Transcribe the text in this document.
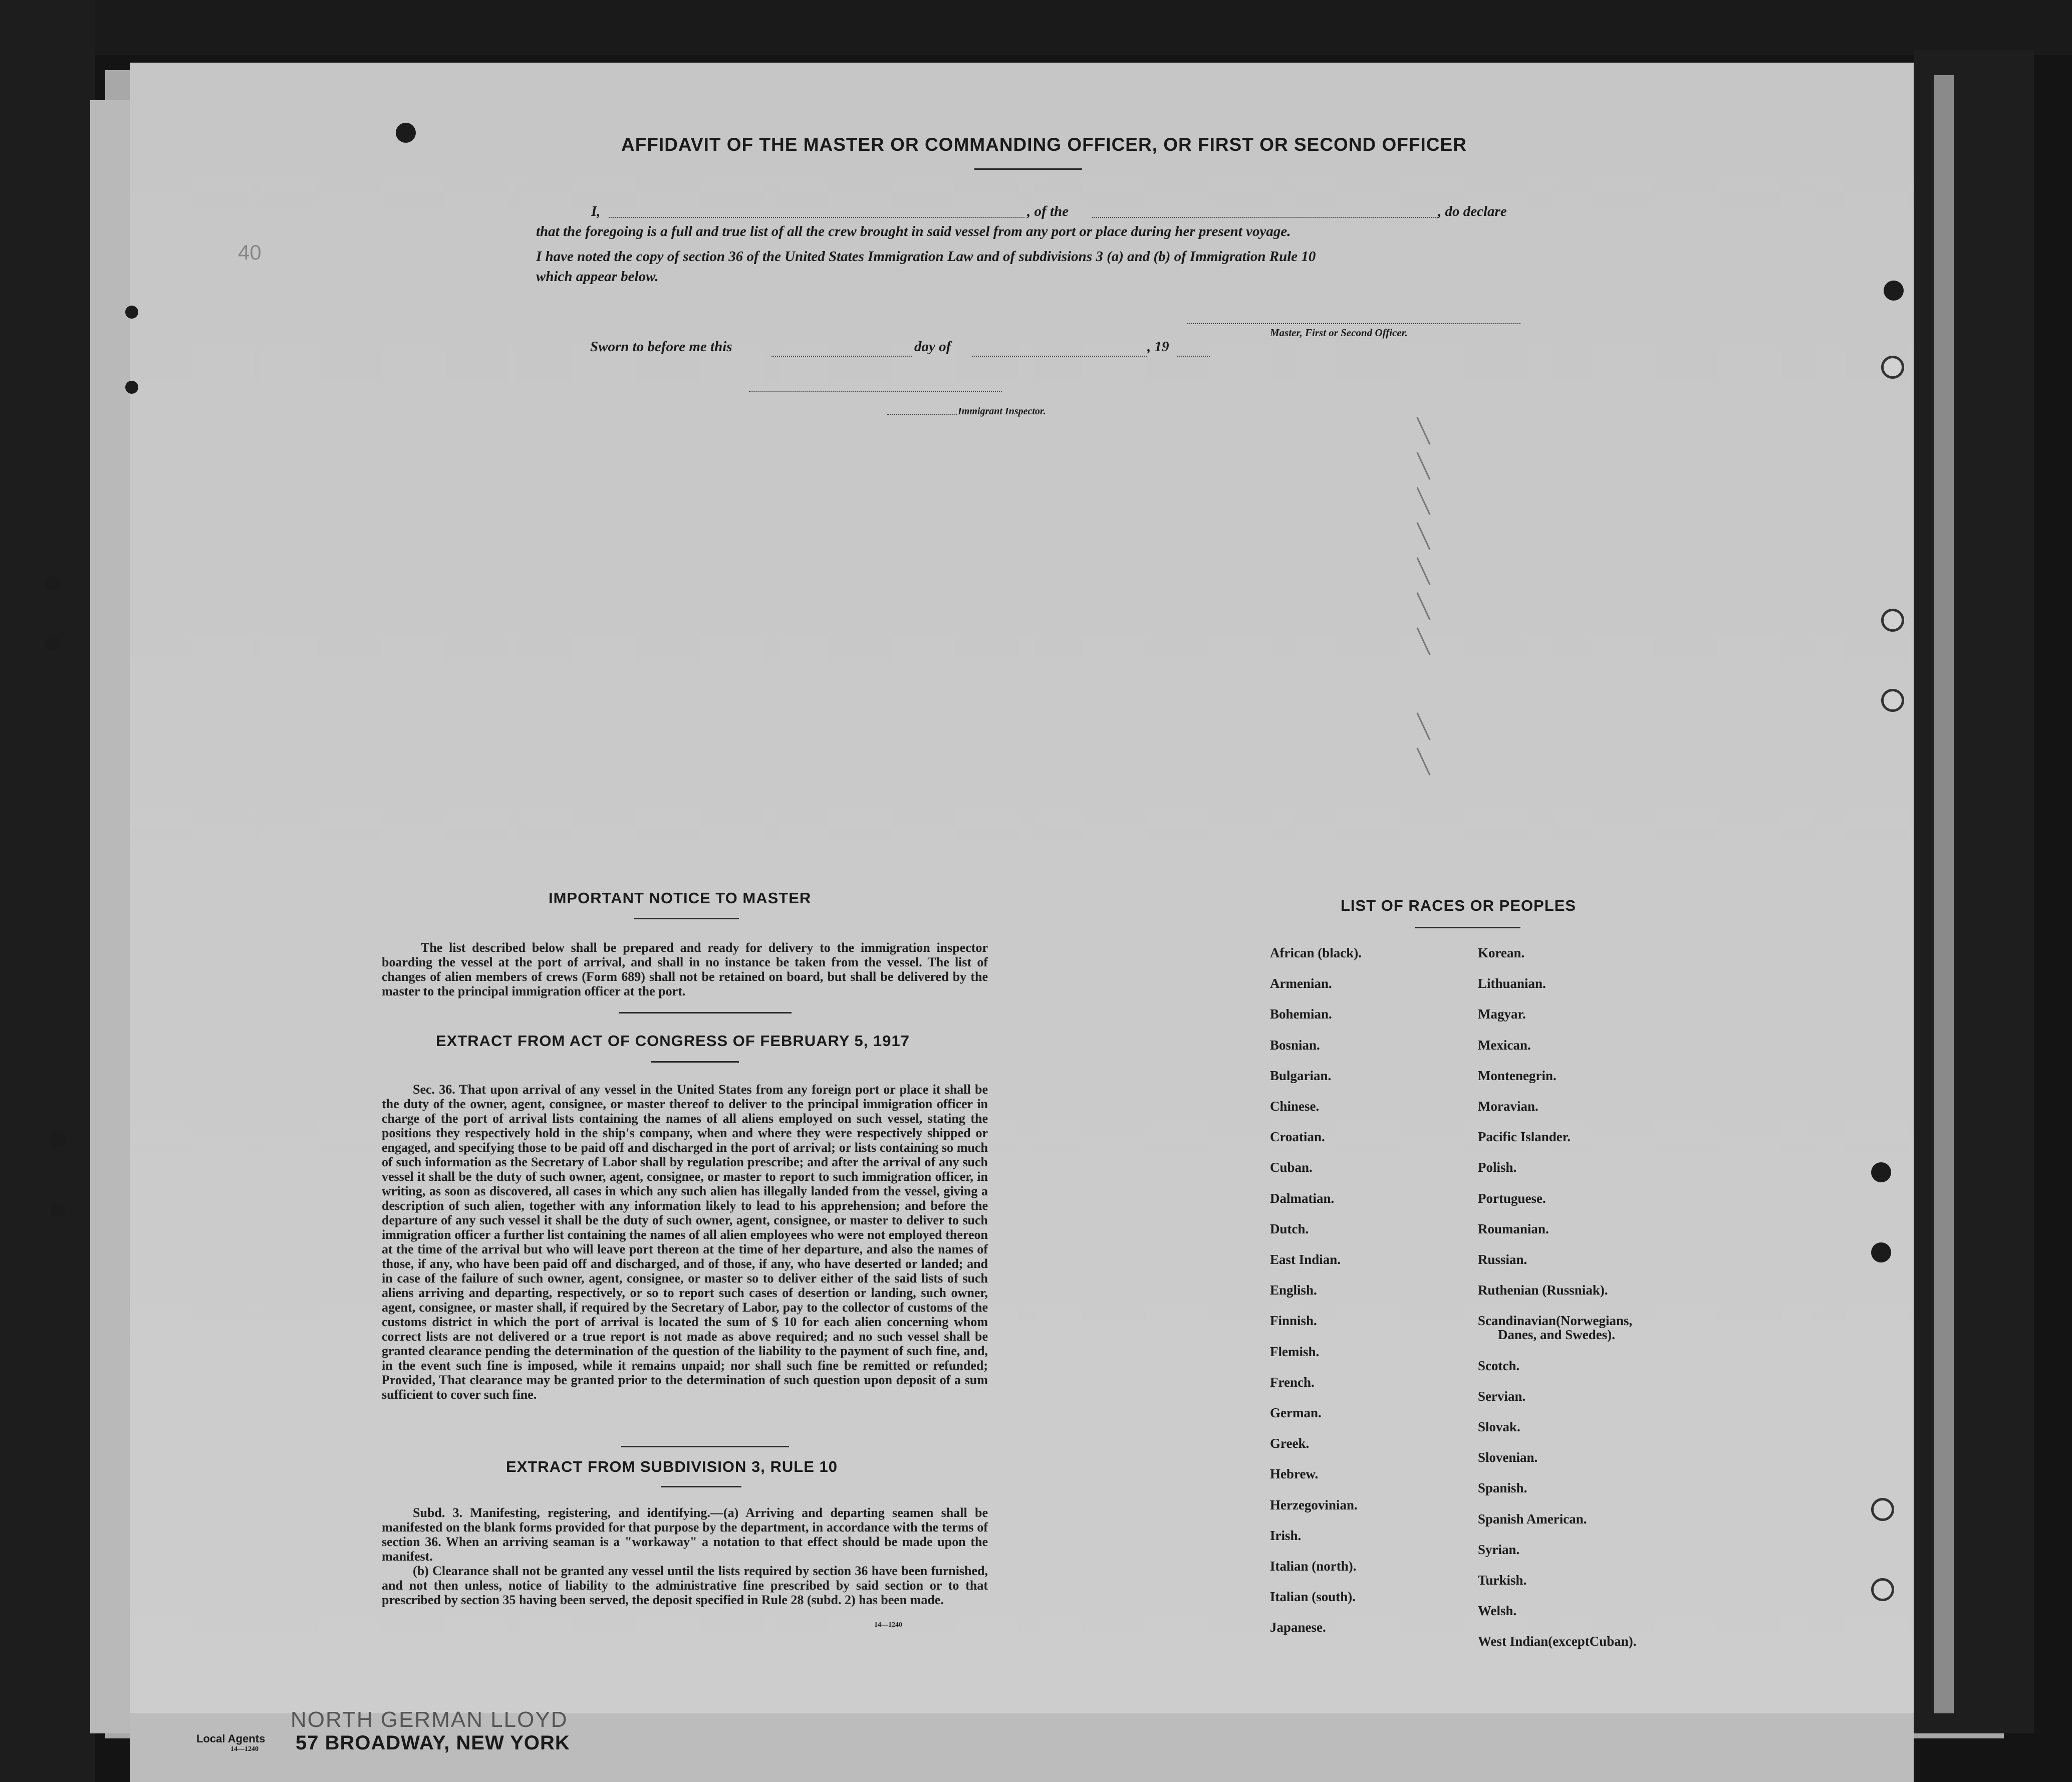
40
AFFIDAVIT OF THE MASTER OR COMMANDING OFFICER, OR FIRST OR SECOND OFFICER
I,	, of the	, do declare
that the foregoing is a full and true list of all the crew brought in said vessel from any port or place during her present voyage.
I have noted the copy of section 36 of the United States Immigration Law and of subdivisions 3 (a) and (b) of Immigration Rule 10
which appear below.
Master, First or Second Officer.
Sworn to before me this	day of	, 19
Immigrant Inspector.
IMPORTANT NOTICE TO MASTER
The list described below shall be prepared and ready for delivery to the immigration inspector boarding the vessel at the port of arrival, and shall in no instance be taken from the vessel. The list of changes of alien members of crews (Form 689) shall not be retained on board, but shall be delivered by the master to the principal immigration officer at the port.
EXTRACT FROM ACT OF CONGRESS OF FEBRUARY 5, 1917
Sec. 36. That upon arrival of any vessel in the United States from any foreign port or place it shall be the duty of the owner, agent, consignee, or master thereof to deliver to the principal immigration officer in charge of the port of arrival lists containing the names of all aliens employed on such vessel, stating the positions they respectively hold in the ship's company, when and where they were respectively shipped or engaged, and specifying those to be paid off and discharged in the port of arrival; or lists containing so much of such information as the Secretary of Labor shall by regulation prescribe; and after the arrival of any such vessel it shall be the duty of such owner, agent, consignee, or master to report to such immigration officer, in writing, as soon as discovered, all cases in which any such alien has illegally landed from the vessel, giving a description of such alien, together with any information likely to lead to his apprehension; and before the departure of any such vessel it shall be the duty of such owner, agent, consignee, or master to deliver to such immigration officer a further list containing the names of all alien employees who were not employed thereon at the time of the arrival but who will leave port thereon at the time of her departure, and also the names of those, if any, who have been paid off and discharged, and of those, if any, who have deserted or landed; and in case of the failure of such owner, agent, consignee, or master so to deliver either of the said lists of such aliens arriving and departing, respectively, or so to report such cases of desertion or landing, such owner, agent, consignee, or master shall, if required by the Secretary of Labor, pay to the collector of customs of the customs district in which the port of arrival is located the sum of $ 10 for each alien concerning whom correct lists are not delivered or a true report is not made as above required; and no such vessel shall be granted clearance pending the determination of the question of the liability to the payment of such fine, and, in the event such fine is imposed, while it remains unpaid; nor shall such fine be remitted or refunded; Provided, That clearance may be granted prior to the determination of such question upon deposit of a sum sufficient to cover such fine.
EXTRACT FROM SUBDIVISION 3, RULE 10
Subd. 3. Manifesting, registering, and identifying.—(a) Arriving and departing seamen shall be manifested on the blank forms provided for that purpose by the department, in accordance with the terms of section 36. When an arriving seaman is a "workaway" a notation to that effect should be made upon the manifest.
(b) Clearance shall not be granted any vessel until the lists required by section 36 have been furnished, and not then unless, notice of liability to the administrative fine prescribed by said section or to that prescribed by section 35 having been served, the deposit specified in Rule 28 (subd. 2) has been made.
14—1240
LIST OF RACES OR PEOPLES
African (black).
Armenian.
Bohemian.
Bosnian.
Bulgarian.
Chinese.
Croatian.
Cuban.
Dalmatian.
Dutch.
East Indian.
English.
Finnish.
Flemish.
French.
German.
Greek.
Hebrew.
Herzegovinian.
Irish.
Italian (north).
Italian (south).
Japanese.
Korean.
Lithuanian.
Magyar.
Mexican.
Montenegrin.
Moravian.
Pacific Islander.
Polish.
Portuguese.
Roumanian.
Russian.
Ruthenian (Russniak).
Scandinavian(Norwegians,
Danes, and Swedes).
Scotch.
Servian.
Slovak.
Slovenian.
Spanish.
Spanish American.
Syrian.
Turkish.
Welsh.
West Indian(exceptCuban).
Local Agents
14—1240
NORTH GERMAN LLOYD
57 BROADWAY, NEW YORK
